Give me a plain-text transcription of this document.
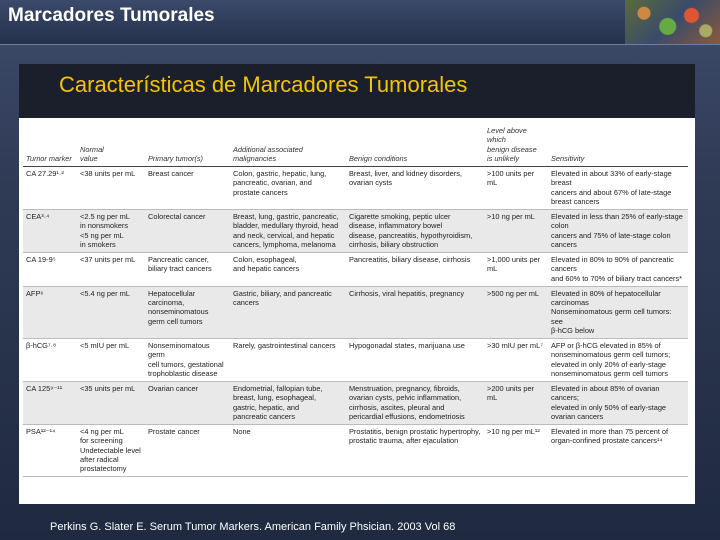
Marcadores Tumorales
Características de Marcadores Tumorales
Tumor marker	Normal
value	Primary tumor(s)	Additional associated
malignancies	Benign conditions	Level above which
benign disease
is unlikely	Sensitivity
CA 27.29¹·²	<38 units per mL	Breast cancer	Colon, gastric, hepatic, lung,
pancreatic, ovarian, and
prostate cancers	Breast, liver, and kidney disorders,
ovarian cysts	>100 units per mL	Elevated in about 33% of early-stage breast
cancers and about 67% of late-stage
breast cancers
CEA³·⁴	<2.5 ng per mL
in nonsmokers
<5 ng per mL
in smokers	Colorectal cancer	Breast, lung, gastric, pancreatic,
bladder, medullary thyroid, head
and neck, cervical, and hepatic
cancers, lymphoma, melanoma	Cigarette smoking, peptic ulcer
disease, inflammatory bowel
disease, pancreatitis, hypothyroidism,
cirrhosis, biliary obstruction	>10 ng per mL	Elevated in less than 25% of early-stage colon
cancers and 75% of late-stage colon
cancers
CA 19-9⁵	<37 units per mL	Pancreatic cancer,
biliary tract cancers	Colon, esophageal,
and hepatic cancers	Pancreatitis, biliary disease, cirrhosis	>1,000 units per mL	Elevated in 80% to 90% of pancreatic cancers
and 60% to 70% of biliary tract cancers*
AFP⁶	<5.4 ng per mL	Hepatocellular
carcinoma,
nonseminomatous
germ cell tumors	Gastric, biliary, and pancreatic
cancers	Cirrhosis, viral hepatitis, pregnancy	>500 ng per mL	Elevated in 80% of hepatocellular carcinomas
Nonseminomatous germ cell tumors: see
β-hCG below
β-hCG⁷·⁸	<5 mIU per mL	Nonseminomatous germ
cell tumors, gestational
trophoblastic disease	Rarely, gastrointestinal cancers	Hypogonadal states, marijuana use	>30 mIU per mL⁷	AFP or β-hCG elevated in 85% of
nonseminomatous germ cell tumors;
elevated in only 20% of early-stage
nonseminomatous germ cell tumors
CA 125⁹⁻¹¹	<35 units per mL	Ovarian cancer	Endometrial, fallopian tube,
breast, lung, esophageal,
gastric, hepatic, and
pancreatic cancers	Menstruation, pregnancy, fibroids,
ovarian cysts, pelvic inflammation,
cirrhosis, ascites, pleural and
pericardial effusions, endometriosis	>200 units per mL	Elevated in about 85% of ovarian cancers;
elevated in only 50% of early-stage
ovarian cancers
PSA¹²⁻¹⁴	<4 ng per mL
for screening
Undetectable level
after radical
prostatectomy	Prostate cancer	None	Prostatitis, benign prostatic hypertrophy,
prostatic trauma, after ejaculation	>10 ng per mL¹²	Elevated in more than 75 percent of
organ-confined prostate cancers¹⁴
Perkins G. Slater E. Serum Tumor Markers. American Family Phsician. 2003 Vol 68
